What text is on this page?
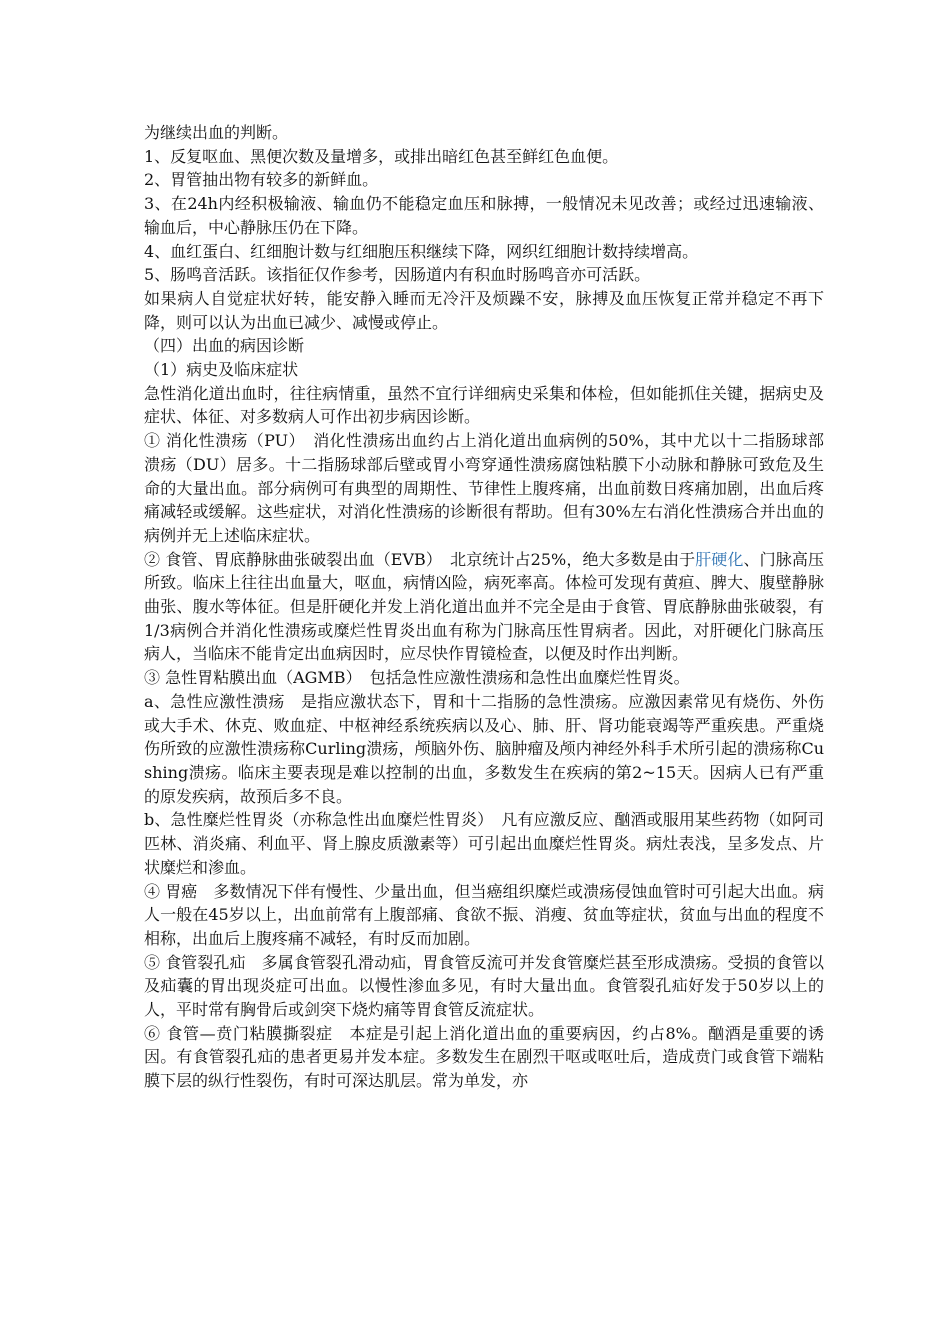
为继续出血的判断。

1、反复呕血、黑便次数及量增多，或排出暗红色甚至鲜红色血便。

2、胃管抽出物有较多的新鲜血。

3、在24h内经积极输液、输血仍不能稳定血压和脉搏，一般情况未见改善；或经过迅速输液、输血后，中心静脉压仍在下降。

4、血红蛋白、红细胞计数与红细胞压积继续下降，网织红细胞计数持续增高。

5、肠鸣音活跃。该指征仅作参考，因肠道内有积血时肠鸣音亦可活跃。

如果病人自觉症状好转，能安静入睡而无冷汗及烦躁不安，脉搏及血压恢复正常并稳定不再下降，则可以认为出血已减少、减慢或停止。

（四）出血的病因诊断

（1）病史及临床症状

急性消化道出血时，往往病情重，虽然不宜行详细病史采集和体检，但如能抓住关键，据病史及症状、体征、对多数病人可作出初步病因诊断。

① 消化性溃疡（PU）　消化性溃疡出血约占上消化道出血病例的50%，其中尤以十二指肠球部溃疡（DU）居多。十二指肠球部后壁或胃小弯穿通性溃疡腐蚀粘膜下小动脉和静脉可致危及生命的大量出血。部分病例可有典型的周期性、节律性上腹疼痛，出血前数日疼痛加剧，出血后疼痛减轻或缓解。这些症状，对消化性溃疡的诊断很有帮助。但有30%左右消化性溃疡合并出血的病例并无上述临床症状。

② 食管、胃底静脉曲张破裂出血（EVB）　北京统计占25%，绝大多数是由于肝硬化、门脉高压所致。临床上往往出血量大，呕血，病情凶险，病死率高。体检可发现有黄疸、脾大、腹壁静脉曲张、腹水等体征。但是肝硬化并发上消化道出血并不完全是由于食管、胃底静脉曲张破裂，有1/3病例合并消化性溃疡或糜烂性胃炎出血有称为门脉高压性胃病者。因此，对肝硬化门脉高压病人，当临床不能肯定出血病因时，应尽快作胃镜检查，以便及时作出判断。

③ 急性胃粘膜出血（AGMB）　包括急性应激性溃疡和急性出血糜烂性胃炎。

a、急性应激性溃疡　是指应激状态下，胃和十二指肠的急性溃疡。应激因素常见有烧伤、外伤或大手术、休克、败血症、中枢神经系统疾病以及心、肺、肝、肾功能衰竭等严重疾患。严重烧伤所致的应激性溃疡称Curling溃疡，颅脑外伤、脑肿瘤及颅内神经外科手术所引起的溃疡称Cushing溃疡。临床主要表现是难以控制的出血，多数发生在疾病的第2~15天。因病人已有严重的原发疾病，故预后多不良。

b、急性糜烂性胃炎（亦称急性出血糜烂性胃炎）　凡有应激反应、酗酒或服用某些药物（如阿司匹林、消炎痛、利血平、肾上腺皮质激素等）可引起出血糜烂性胃炎。病灶表浅，呈多发点、片状糜烂和渗血。

④ 胃癌　多数情况下伴有慢性、少量出血，但当癌组织糜烂或溃疡侵蚀血管时可引起大出血。病人一般在45岁以上，出血前常有上腹部痛、食欲不振、消瘦、贫血等症状，贫血与出血的程度不相称，出血后上腹疼痛不减轻，有时反而加剧。

⑤ 食管裂孔疝　多属食管裂孔滑动疝，胃食管反流可并发食管糜烂甚至形成溃疡。受损的食管以及疝囊的胃出现炎症可出血。以慢性渗血多见，有时大量出血。食管裂孔疝好发于50岁以上的人，平时常有胸骨后或剑突下烧灼痛等胃食管反流症状。

⑥ 食管—贲门粘膜撕裂症　本症是引起上消化道出血的重要病因，约占8%。酗酒是重要的诱因。有食管裂孔疝的患者更易并发本症。多数发生在剧烈干呕或呕吐后，造成贲门或食管下端粘膜下层的纵行性裂伤，有时可深达肌层。常为单发，亦
